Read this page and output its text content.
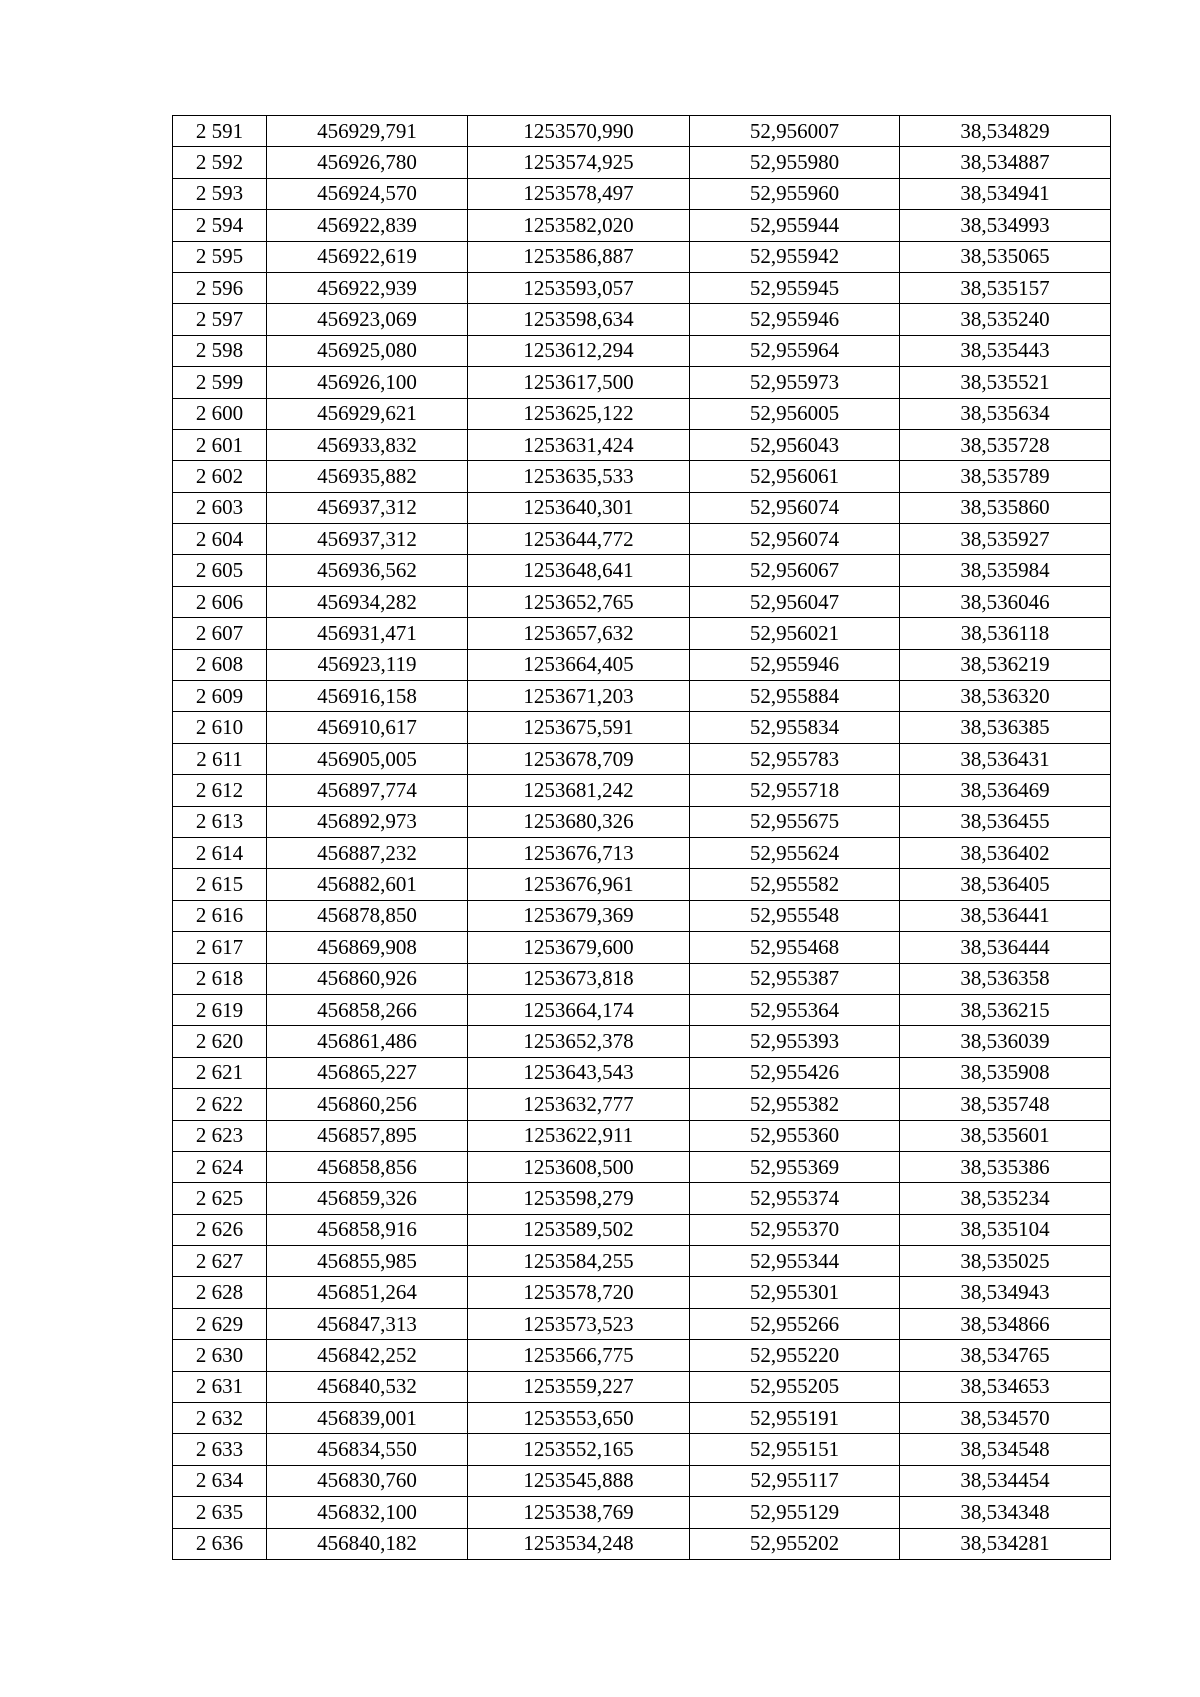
2 591	456929,791	1253570,990	52,956007	38,534829
2 592	456926,780	1253574,925	52,955980	38,534887
2 593	456924,570	1253578,497	52,955960	38,534941
2 594	456922,839	1253582,020	52,955944	38,534993
2 595	456922,619	1253586,887	52,955942	38,535065
2 596	456922,939	1253593,057	52,955945	38,535157
2 597	456923,069	1253598,634	52,955946	38,535240
2 598	456925,080	1253612,294	52,955964	38,535443
2 599	456926,100	1253617,500	52,955973	38,535521
2 600	456929,621	1253625,122	52,956005	38,535634
2 601	456933,832	1253631,424	52,956043	38,535728
2 602	456935,882	1253635,533	52,956061	38,535789
2 603	456937,312	1253640,301	52,956074	38,535860
2 604	456937,312	1253644,772	52,956074	38,535927
2 605	456936,562	1253648,641	52,956067	38,535984
2 606	456934,282	1253652,765	52,956047	38,536046
2 607	456931,471	1253657,632	52,956021	38,536118
2 608	456923,119	1253664,405	52,955946	38,536219
2 609	456916,158	1253671,203	52,955884	38,536320
2 610	456910,617	1253675,591	52,955834	38,536385
2 611	456905,005	1253678,709	52,955783	38,536431
2 612	456897,774	1253681,242	52,955718	38,536469
2 613	456892,973	1253680,326	52,955675	38,536455
2 614	456887,232	1253676,713	52,955624	38,536402
2 615	456882,601	1253676,961	52,955582	38,536405
2 616	456878,850	1253679,369	52,955548	38,536441
2 617	456869,908	1253679,600	52,955468	38,536444
2 618	456860,926	1253673,818	52,955387	38,536358
2 619	456858,266	1253664,174	52,955364	38,536215
2 620	456861,486	1253652,378	52,955393	38,536039
2 621	456865,227	1253643,543	52,955426	38,535908
2 622	456860,256	1253632,777	52,955382	38,535748
2 623	456857,895	1253622,911	52,955360	38,535601
2 624	456858,856	1253608,500	52,955369	38,535386
2 625	456859,326	1253598,279	52,955374	38,535234
2 626	456858,916	1253589,502	52,955370	38,535104
2 627	456855,985	1253584,255	52,955344	38,535025
2 628	456851,264	1253578,720	52,955301	38,534943
2 629	456847,313	1253573,523	52,955266	38,534866
2 630	456842,252	1253566,775	52,955220	38,534765
2 631	456840,532	1253559,227	52,955205	38,534653
2 632	456839,001	1253553,650	52,955191	38,534570
2 633	456834,550	1253552,165	52,955151	38,534548
2 634	456830,760	1253545,888	52,955117	38,534454
2 635	456832,100	1253538,769	52,955129	38,534348
2 636	456840,182	1253534,248	52,955202	38,534281
